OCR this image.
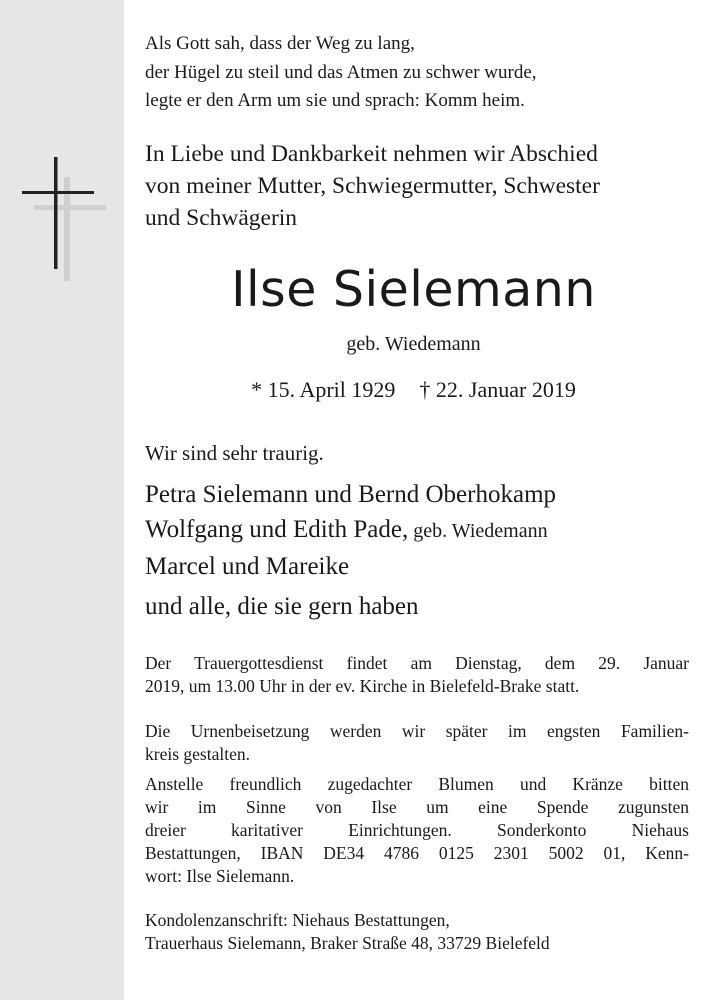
Als Gott sah, dass der Weg zu lang,
der Hügel zu steil und das Atmen zu schwer wurde,
legte er den Arm um sie und sprach: Komm heim.
In Liebe und Dankbarkeit nehmen wir Abschied
von meiner Mutter, Schwiegermutter, Schwester
und Schwägerin
Ilse Sielemann
geb. Wiedemann
* 15. April 1929 † 22. Januar 2019
Wir sind sehr traurig.
Petra Sielemann und Bernd Oberhokamp
Wolfgang und Edith Pade, geb. Wiedemann
Marcel und Mareike
und alle, die sie gern haben
Der Trauergottesdienst findet am Dienstag, dem 29. Januar
2019, um 13.00 Uhr in der ev. Kirche in Bielefeld-Brake statt.
Die Urnenbeisetzung werden wir später im engsten Familien-
kreis gestalten.
Anstelle freundlich zugedachter Blumen und Kränze bitten
wir im Sinne von Ilse um eine Spende zugunsten
dreier karitativer Einrichtungen. Sonderkonto Niehaus
Bestattungen, IBAN DE34 4786 0125 2301 5002 01, Kenn-
wort: Ilse Sielemann.
Kondolenzanschrift: Niehaus Bestattungen,
Trauerhaus Sielemann, Braker Straße 48, 33729 Bielefeld
